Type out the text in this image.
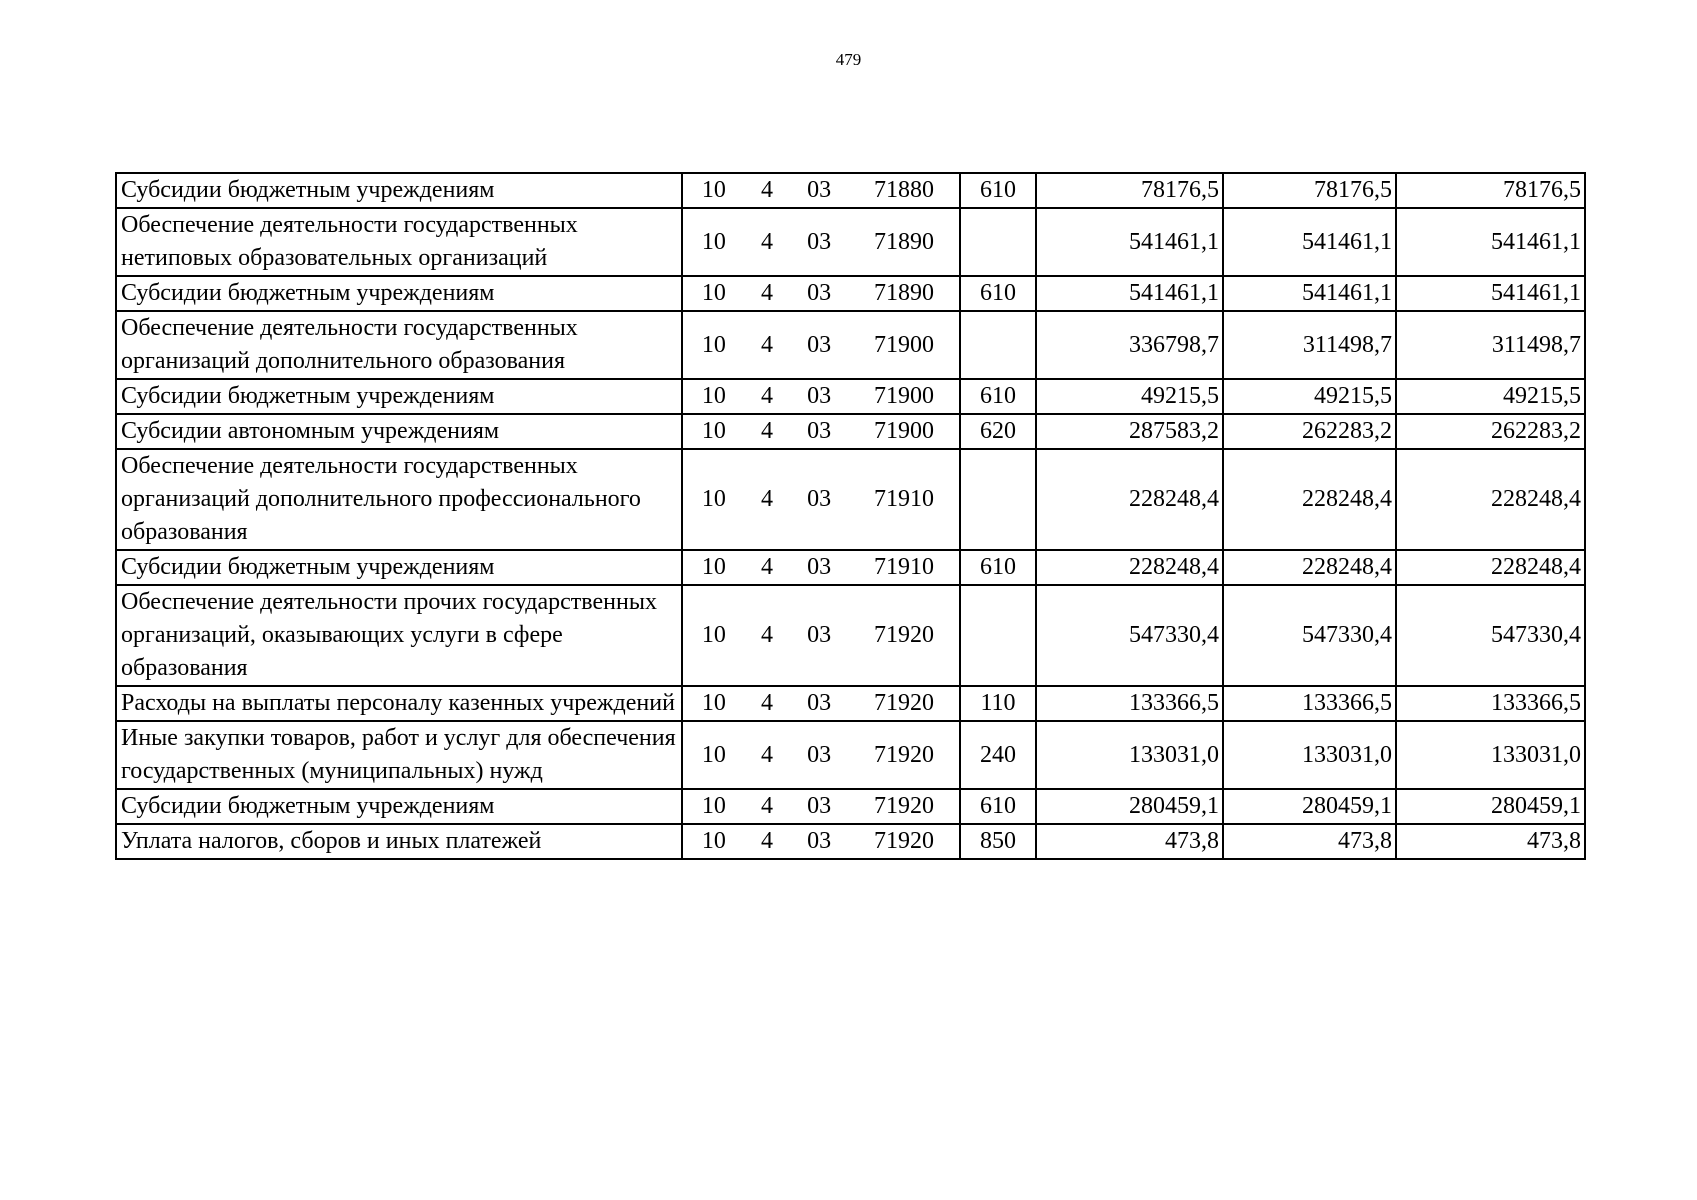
479
Субсидии бюджетным учреждениям	10 4 03 71880	610	78176,5	78176,5	78176,5
Обеспечение деятельности государственных нетиповых образовательных организаций	10 4 03 71890		541461,1	541461,1	541461,1
Субсидии бюджетным учреждениям	10 4 03 71890	610	541461,1	541461,1	541461,1
Обеспечение деятельности государственных организаций дополнительного образования	10 4 03 71900		336798,7	311498,7	311498,7
Субсидии бюджетным учреждениям	10 4 03 71900	610	49215,5	49215,5	49215,5
Субсидии автономным учреждениям	10 4 03 71900	620	287583,2	262283,2	262283,2
Обеспечение деятельности государственных организаций дополнительного профессионального образования	10 4 03 71910		228248,4	228248,4	228248,4
Субсидии бюджетным учреждениям	10 4 03 71910	610	228248,4	228248,4	228248,4
Обеспечение деятельности прочих государственных организаций, оказывающих услуги в сфере образования	10 4 03 71920		547330,4	547330,4	547330,4
Расходы на выплаты персоналу казенных учреждений	10 4 03 71920	110	133366,5	133366,5	133366,5
Иные закупки товаров, работ и услуг для обеспечения государственных (муниципальных) нужд	10 4 03 71920	240	133031,0	133031,0	133031,0
Субсидии бюджетным учреждениям	10 4 03 71920	610	280459,1	280459,1	280459,1
Уплата налогов, сборов и иных платежей	10 4 03 71920	850	473,8	473,8	473,8
